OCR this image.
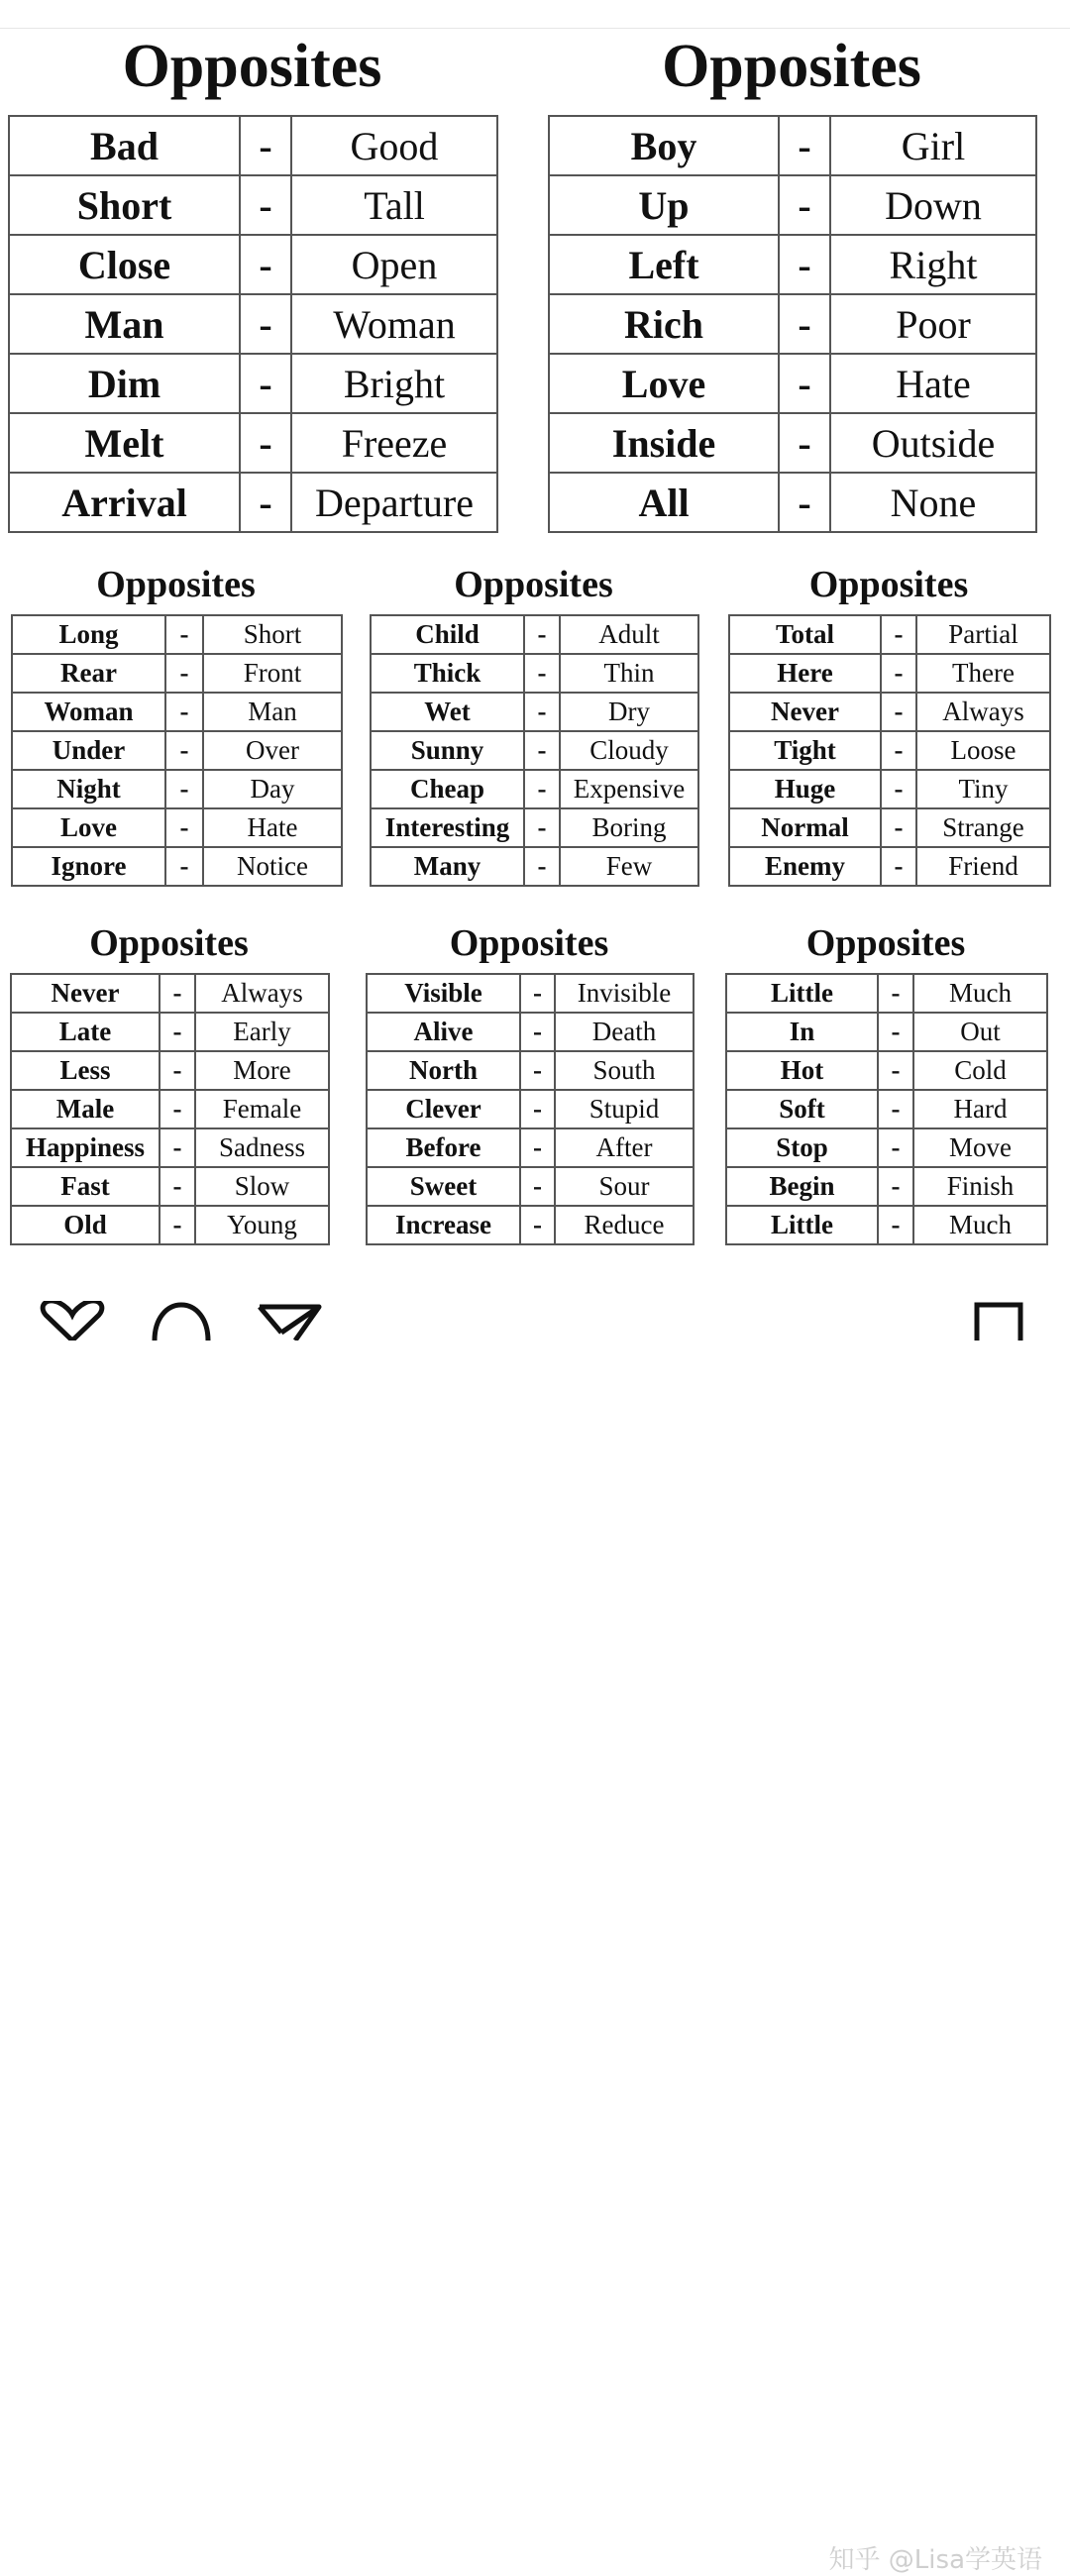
Opposites
Bad	-	Good
Short	-	Tall
Close	-	Open
Man	-	Woman
Dim	-	Bright
Melt	-	Freeze
Arrival	-	Departure
Opposites
Boy	-	Girl
Up	-	Down
Left	-	Right
Rich	-	Poor
Love	-	Hate
Inside	-	Outside
All	-	None
Opposites
Long	-	Short
Rear	-	Front
Woman	-	Man
Under	-	Over
Night	-	Day
Love	-	Hate
Ignore	-	Notice
Opposites
Child	-	Adult
Thick	-	Thin
Wet	-	Dry
Sunny	-	Cloudy
Cheap	-	Expensive
Interesting	-	Boring
Many	-	Few
Opposites
Total	-	Partial
Here	-	There
Never	-	Always
Tight	-	Loose
Huge	-	Tiny
Normal	-	Strange
Enemy	-	Friend
Opposites
Never	-	Always
Late	-	Early
Less	-	More
Male	-	Female
Happiness	-	Sadness
Fast	-	Slow
Old	-	Young
Opposites
Visible	-	Invisible
Alive	-	Death
North	-	South
Clever	-	Stupid
Before	-	After
Sweet	-	Sour
Increase	-	Reduce
Opposites
Little	-	Much
In	-	Out
Hot	-	Cold
Soft	-	Hard
Stop	-	Move
Begin	-	Finish
Little	-	Much
知乎 @Lisa学英语
